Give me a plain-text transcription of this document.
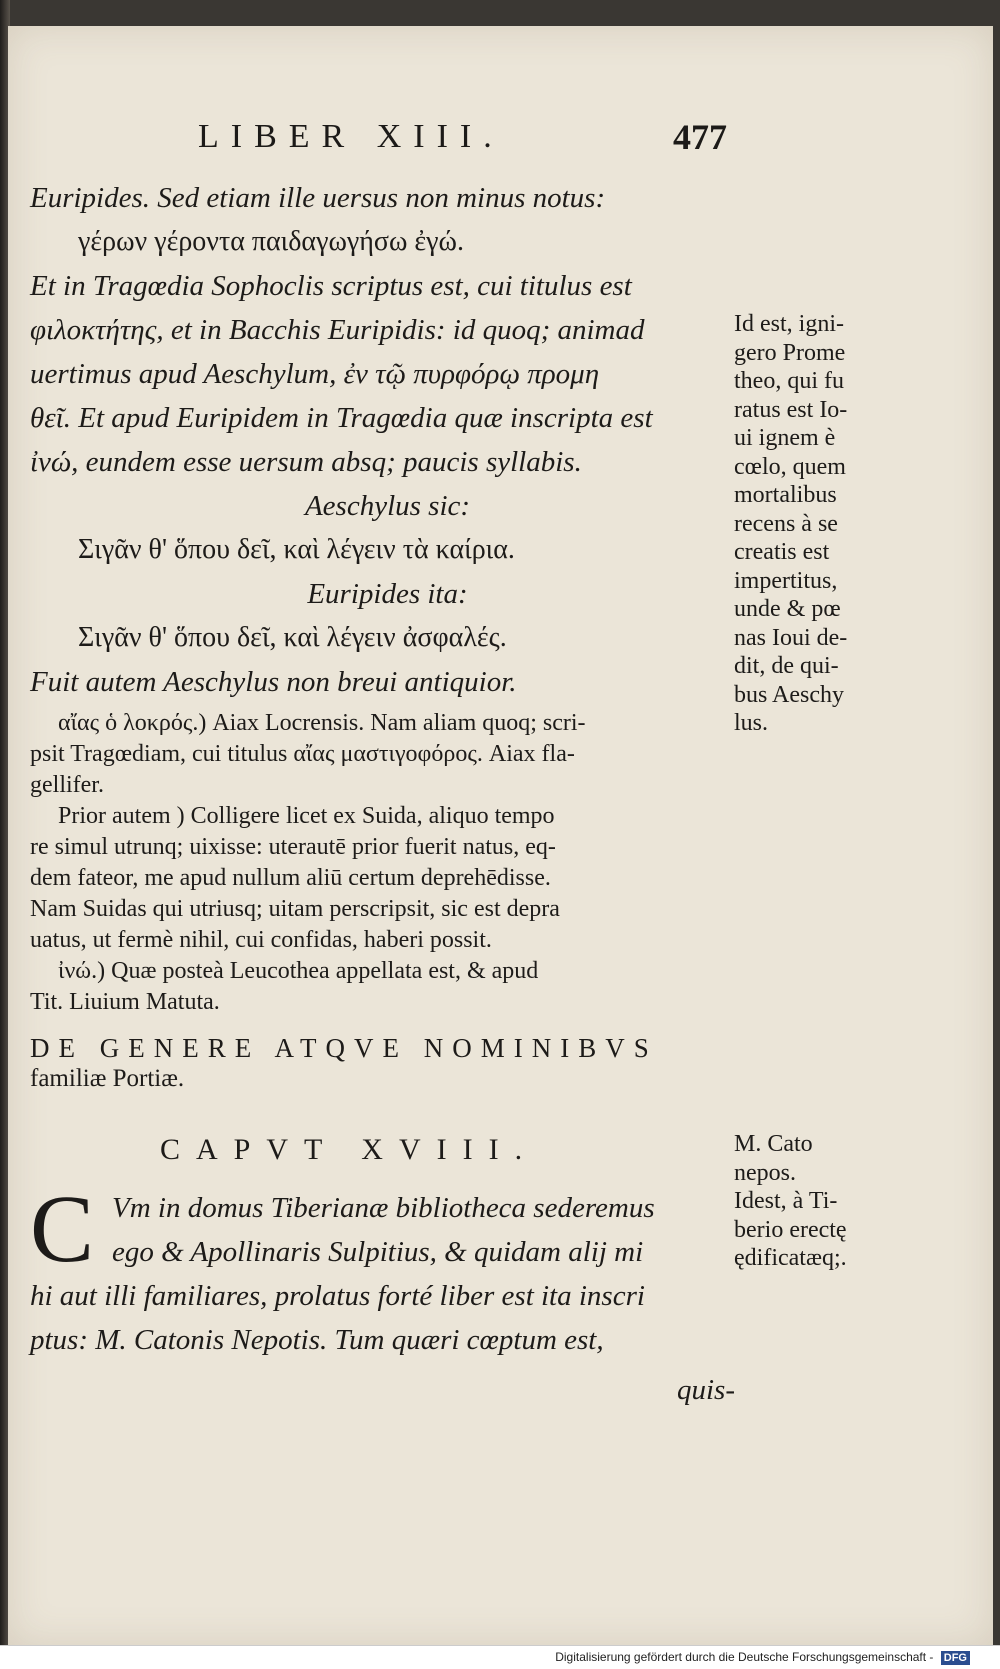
LIBER XIII.	477
Euripides. Sed etiam ille uersus non minus notus:
γέρων γέροντα παιδαγωγήσω ἐγώ.
Et in Tragœdia Sophoclis scriptus est, cui titulus est
φιλοκτήτης, et in Bacchis Euripidis: id quoq; animad
uertimus apud Aeschylum, ἐν τῷ πυρφόρῳ προμη
θεῖ. Et apud Euripidem in Tragœdia quæ inscripta est
ἰνώ, eundem esse uersum absq; paucis syllabis.
Aeschylus sic:
Σιγᾶν θ' ὅπου δεῖ, καὶ λέγειν τὰ καίρια.
Euripides ita:
Σιγᾶν θ' ὅπου δεῖ, καὶ λέγειν ἀσφαλές.
Fuit autem Aeschylus non breui antiquior.
αἴας ὁ λοκρός.) Aiax Locrensis. Nam aliam quoq; scri-
psit Tragœdiam, cui titulus αἴας μαστιγοφόρος. Aiax fla-
gellifer.
Prior autem ) Colligere licet ex Suida, aliquo tempo
re simul utrunq; uixisse: uterautē prior fuerit natus, eq-
dem fateor, me apud nullum aliū certum deprehēdisse.
Nam Suidas qui utriusq; uitam perscripsit, sic est depra
uatus, ut fermè nihil, cui confidas, haberi possit.
ἰνώ.) Quæ posteà Leucothea appellata est, & apud
Tit. Liuium Matuta.
DE GENERE ATQVE NOMINIBVS
familiæ Portiæ.
CAPVT XVIII.
C Vm in domus Tiberianæ bibliotheca sederemus
ego & Apollinaris Sulpitius, & quidam alij mi
hi aut illi familiares, prolatus forté liber est ita inscri
ptus: M. Catonis Nepotis. Tum quæri cœptum est,
quis-
Id est, igni-
gero Prome
theo, qui fu
ratus est Io-
ui ignem è
cœlo, quem
mortalibus
recens à se
creatis est
impertitus,
unde & pœ
nas Ioui de-
dit, de qui-
bus Aeschy
lus.
M. Cato
nepos.
Idest, à Ti-
berio erectę
ędificatæq;.
Digitalisierung gefördert durch die Deutsche Forschungsgemeinschaft - DFG
